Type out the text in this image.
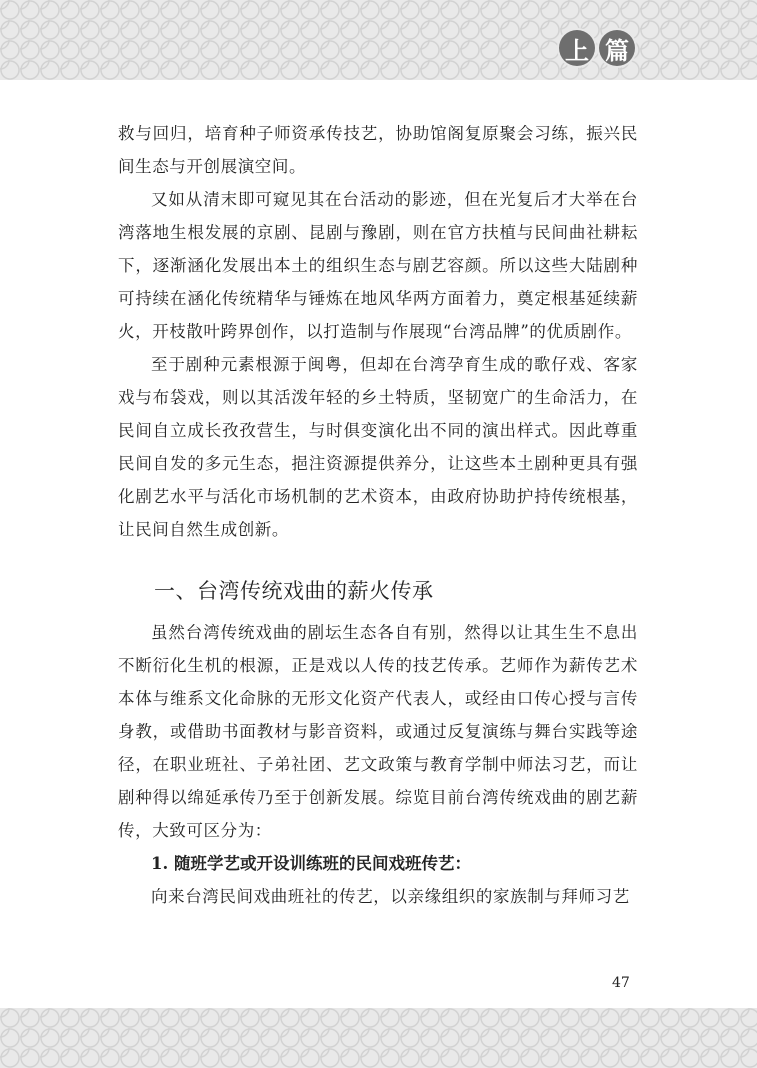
上 篇

救与回归，培育种子师资承传技艺，协助馆阁复原聚会习练，振兴民间生态与开创展演空间。

又如从清末即可窥见其在台活动的影迹，但在光复后才大举在台湾落地生根发展的京剧、昆剧与豫剧，则在官方扶植与民间曲社耕耘下，逐渐涵化发展出本土的组织生态与剧艺容颜。所以这些大陆剧种可持续在涵化传统精华与锤炼在地风华两方面着力，奠定根基延续薪火，开枝散叶跨界创作，以打造制与作展现“台湾品牌”的优质剧作。

至于剧种元素根源于闽粤，但却在台湾孕育生成的歌仔戏、客家戏与布袋戏，则以其活泼年轻的乡土特质，坚韧宽广的生命活力，在民间自立成长孜孜营生，与时俱变演化出不同的演出样式。因此尊重民间自发的多元生态，挹注资源提供养分，让这些本土剧种更具有强化剧艺水平与活化市场机制的艺术资本，由政府协助护持传统根基，让民间自然生成创新。

一、台湾传统戏曲的薪火传承

虽然台湾传统戏曲的剧坛生态各自有别，然得以让其生生不息出不断衍化生机的根源，正是戏以人传的技艺传承。艺师作为薪传艺术本体与维系文化命脉的无形文化资产代表人，或经由口传心授与言传身教，或借助书面教材与影音资料，或通过反复演练与舞台实践等途径，在职业班社、子弟社团、艺文政策与教育学制中师法习艺，而让剧种得以绵延承传乃至于创新发展。综览目前台湾传统戏曲的剧艺薪传，大致可区分为：

1. 随班学艺或开设训练班的民间戏班传艺：

向来台湾民间戏曲班社的传艺，以亲缘组织的家族制与拜师习艺

47
